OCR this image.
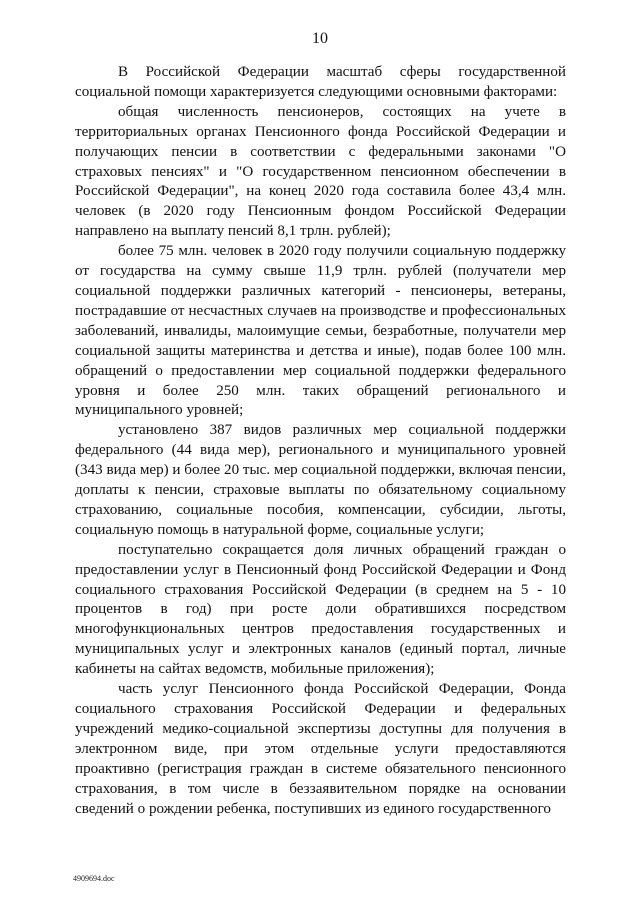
10

В Российской Федерации масштаб сферы государственной социальной помощи характеризуется следующими основными факторами:

общая численность пенсионеров, состоящих на учете в территориальных органах Пенсионного фонда Российской Федерации и получающих пенсии в соответствии с федеральными законами "О страховых пенсиях" и "О государственном пенсионном обеспечении в Российской Федерации", на конец 2020 года составила более 43,4 млн. человек (в 2020 году Пенсионным фондом Российской Федерации направлено на выплату пенсий 8,1 трлн. рублей);

более 75 млн. человек в 2020 году получили социальную поддержку от государства на сумму свыше 11,9 трлн. рублей (получатели мер социальной поддержки различных категорий - пенсионеры, ветераны, пострадавшие от несчастных случаев на производстве и профессиональных заболеваний, инвалиды, малоимущие семьи, безработные, получатели мер социальной защиты материнства и детства и иные), подав более 100 млн. обращений о предоставлении мер социальной поддержки федерального уровня и более 250 млн. таких обращений регионального и муниципального уровней;

установлено 387 видов различных мер социальной поддержки федерального (44 вида мер), регионального и муниципального уровней (343 вида мер) и более 20 тыс. мер социальной поддержки, включая пенсии, доплаты к пенсии, страховые выплаты по обязательному социальному страхованию, социальные пособия, компенсации, субсидии, льготы, социальную помощь в натуральной форме, социальные услуги;

поступательно сокращается доля личных обращений граждан о предоставлении услуг в Пенсионный фонд Российской Федерации и Фонд социального страхования Российской Федерации (в среднем на 5 - 10 процентов в год) при росте доли обратившихся посредством многофункциональных центров предоставления государственных и муниципальных услуг и электронных каналов (единый портал, личные кабинеты на сайтах ведомств, мобильные приложения);

часть услуг Пенсионного фонда Российской Федерации, Фонда социального страхования Российской Федерации и федеральных учреждений медико-социальной экспертизы доступны для получения в электронном виде, при этом отдельные услуги предоставляются проактивно (регистрация граждан в системе обязательного пенсионного страхования, в том числе в беззаявительном порядке на основании сведений о рождении ребенка, поступивших из единого государственного

4909694.doc
